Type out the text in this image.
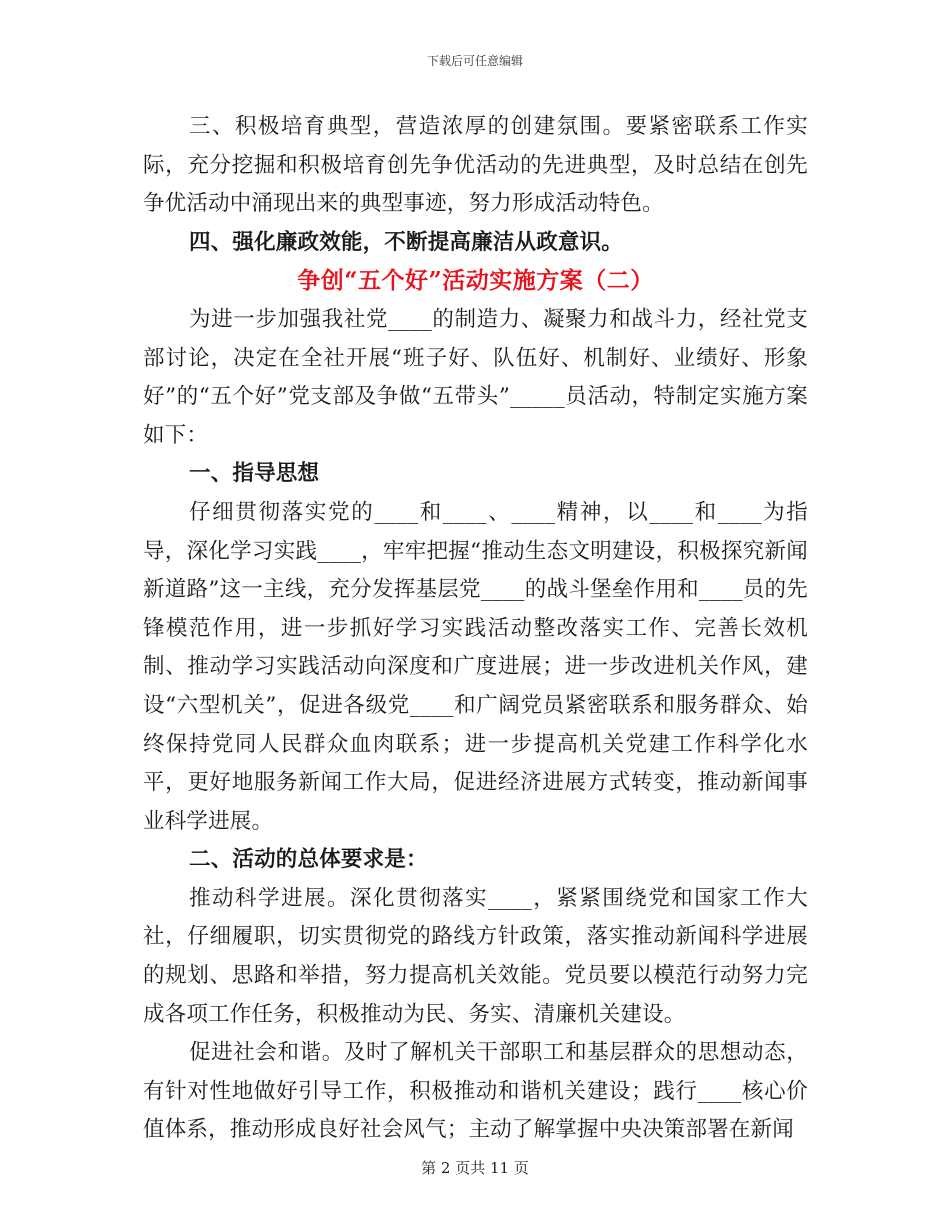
下载后可任意编辑

三、积极培育典型，营造浓厚的创建氛围。要紧密联系工作实际，充分挖掘和积极培育创先争优活动的先进典型，及时总结在创先争优活动中涌现出来的典型事迹，努力形成活动特色。

四、强化廉政效能，不断提高廉洁从政意识。

争创“五个好”活动实施方案（二）

为进一步加强我社党____的制造力、凝聚力和战斗力，经社党支部讨论，决定在全社开展“班子好、队伍好、机制好、业绩好、形象好”的“五个好”党支部及争做“五带头”_____员活动，特制定实施方案如下：

一、指导思想

仔细贯彻落实党的____和____、____精神，以____和____为指导，深化学习实践____，牢牢把握“推动生态文明建设，积极探究新闻新道路”这一主线，充分发挥基层党____的战斗堡垒作用和____员的先锋模范作用，进一步抓好学习实践活动整改落实工作、完善长效机制、推动学习实践活动向深度和广度进展；进一步改进机关作风，建设“六型机关”，促进各级党____和广阔党员紧密联系和服务群众、始终保持党同人民群众血肉联系；进一步提高机关党建工作科学化水平，更好地服务新闻工作大局，促进经济进展方式转变，推动新闻事业科学进展。

二、活动的总体要求是：

推动科学进展。深化贯彻落实____，紧紧围绕党和国家工作大社，仔细履职，切实贯彻党的路线方针政策，落实推动新闻科学进展的规划、思路和举措，努力提高机关效能。党员要以模范行动努力完成各项工作任务，积极推动为民、务实、清廉机关建设。

促进社会和谐。及时了解机关干部职工和基层群众的思想动态，有针对性地做好引导工作，积极推动和谐机关建设；践行____核心价值体系，推动形成良好社会风气；主动了解掌握中央决策部署在新闻

第 2 页共 11 页
